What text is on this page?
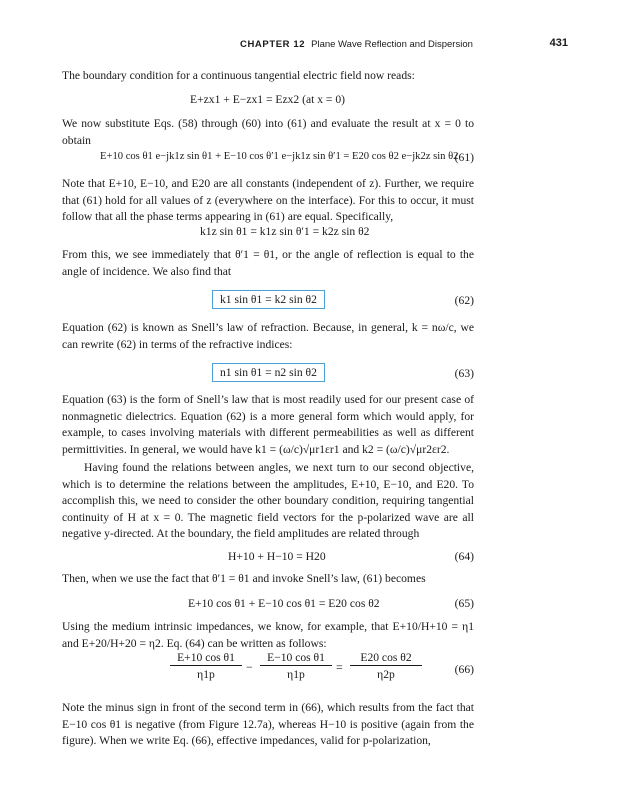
CHAPTER 12 Plane Wave Reflection and Dispersion	431

The boundary condition for a continuous tangential electric field now reads:

E+zx1 + E−zx1 = Ezx2 (at x = 0)

We now substitute Eqs. (58) through (60) into (61) and evaluate the result at x = 0 to obtain

E+10 cos θ1 e−jk1z sin θ1 + E−10 cos θ′1 e−jk1z sin θ′1 = E20 cos θ2 e−jk2z sin θ2
(61)

Note that E+10, E−10, and E20 are all constants (independent of z). Further, we require that (61) hold for all values of z (everywhere on the interface). For this to occur, it must follow that all the phase terms appearing in (61) are equal. Specifically,

k1z sin θ1 = k1z sin θ′1 = k2z sin θ2

From this, we see immediately that θ′1 = θ1, or the angle of reflection is equal to the angle of incidence. We also find that

k1 sin θ1 = k2 sin θ2	(62)

Equation (62) is known as Snell’s law of refraction. Because, in general, k = nω/c, we can rewrite (62) in terms of the refractive indices:

n1 sin θ1 = n2 sin θ2	(63)

Equation (63) is the form of Snell’s law that is most readily used for our present case of nonmagnetic dielectrics. Equation (62) is a more general form which would apply, for example, to cases involving materials with different permeabilities as well as different permittivities. In general, we would have k1 = (ω/c)√μr1εr1 and k2 = (ω/c)√μr2εr2.

Having found the relations between angles, we next turn to our second objective, which is to determine the relations between the amplitudes, E+10, E−10, and E20. To accomplish this, we need to consider the other boundary condition, requiring tangential continuity of H at x = 0. The magnetic field vectors for the p-polarized wave are all negative y-directed. At the boundary, the field amplitudes are related through

H+10 + H−10 = H20	(64)

Then, when we use the fact that θ′1 = θ1 and invoke Snell’s law, (61) becomes

E+10 cos θ1 + E−10 cos θ1 = E20 cos θ2	(65)

Using the medium intrinsic impedances, we know, for example, that E+10/H+10 = η1 and E+20/H+20 = η2. Eq. (64) can be written as follows:

$\frac{\text{E+10 cos θ1}}{\eta 1p} - \frac{\text{E−10 cos θ1}}{\eta 1p} = \frac{\text{E20 cos θ2}}{\eta 2p}$	(66)

Note the minus sign in front of the second term in (66), which results from the fact that E−10 cos θ1 is negative (from Figure 12.7a), whereas H−10 is positive (again from the figure). When we write Eq. (66), effective impedances, valid for p-polarization,
